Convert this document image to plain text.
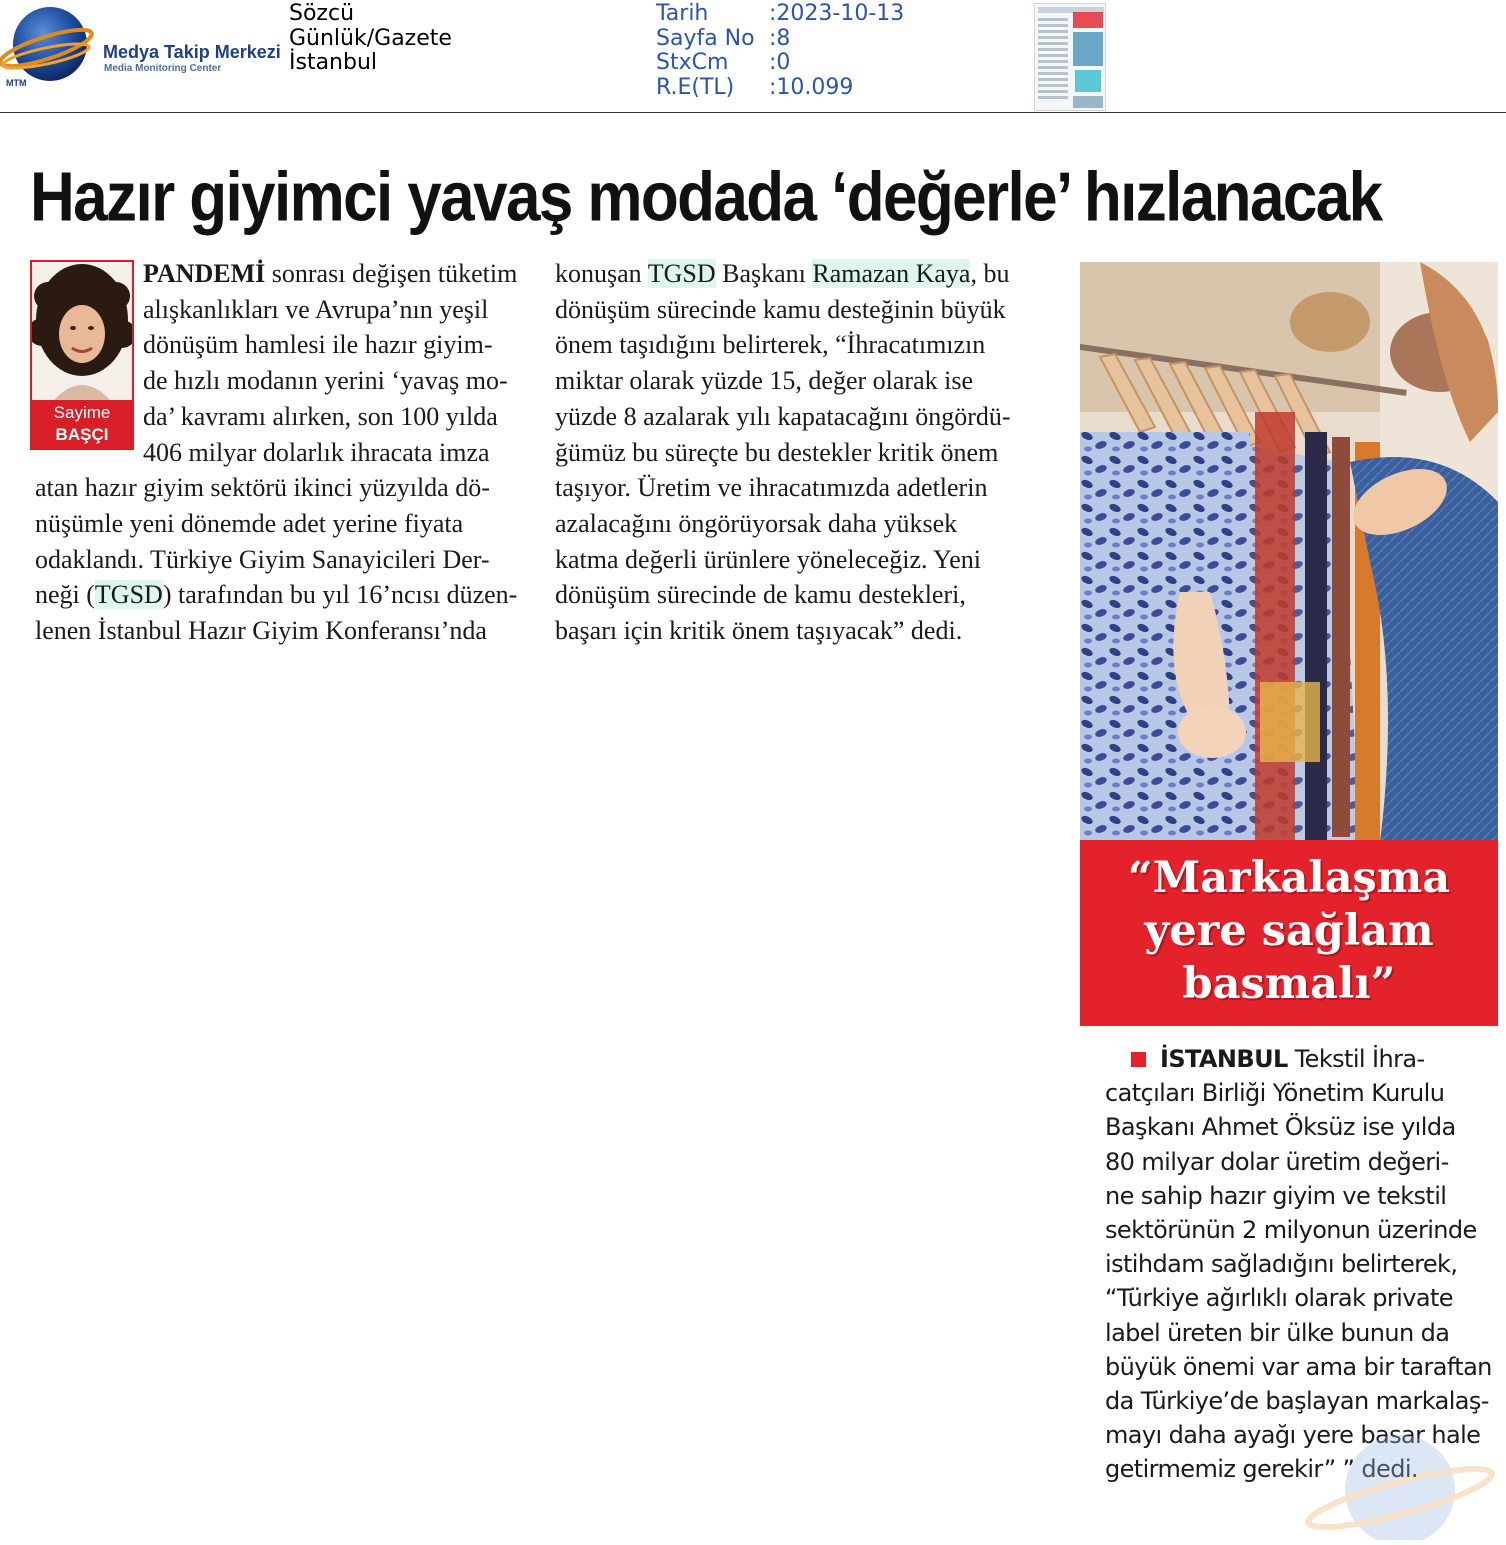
Medya Takip Merkezi
Media Monitoring Center
MTM
Sözcü
Günlük/Gazete
İstanbul
Tarih	:2023-10-13
Sayfa No :8
StxCm	:0
R.E(TL)	:10.099
Hazır giyimci yavaş modada ‘değerle’ hızlanacak
Sayime
BAŞÇI
PANDEMİ sonrası değişen tüketim
alışkanlıkları ve Avrupa’nın yeşil
dönüşüm hamlesi ile hazır giyim-
de hızlı modanın yerini ‘yavaş mo-
da’ kavramı alırken, son 100 yılda
406 milyar dolarlık ihracata imza
atan hazır giyim sektörü ikinci yüzyılda dö-
nüşümle yeni dönemde adet yerine fiyata
odaklandı. Türkiye Giyim Sanayicileri Der-
neği (TGSD) tarafından bu yıl 16’ncısı düzen-
lenen İstanbul Hazır Giyim Konferansı’nda
konuşan TGSD Başkanı Ramazan Kaya, bu
dönüşüm sürecinde kamu desteğinin büyük
önem taşıdığını belirterek, “İhracatımızın
miktar olarak yüzde 15, değer olarak ise
yüzde 8 azalarak yılı kapatacağını öngördü-
ğümüz bu süreçte bu destekler kritik önem
taşıyor. Üretim ve ihracatımızda adetlerin
azalacağını öngörüyorsak daha yüksek
katma değerli ürünlere yöneleceğiz. Yeni
dönüşüm sürecinde de kamu destekleri,
başarı için kritik önem taşıyacak” dedi.
“Markalaşma
yere sağlam
basmalı”
İSTANBUL Tekstil İhra-
catçıları Birliği Yönetim Kurulu
Başkanı Ahmet Öksüz ise yılda
80 milyar dolar üretim değeri-
ne sahip hazır giyim ve tekstil
sektörünün 2 milyonun üzerinde
istihdam sağladığını belirterek,
“Türkiye ağırlıklı olarak private
label üreten bir ülke bunun da
büyük önemi var ama bir taraftan
da Türkiye’de başlayan markalaş-
mayı daha ayağı yere basar hale
getirmemiz gerekir” ” dedi.
